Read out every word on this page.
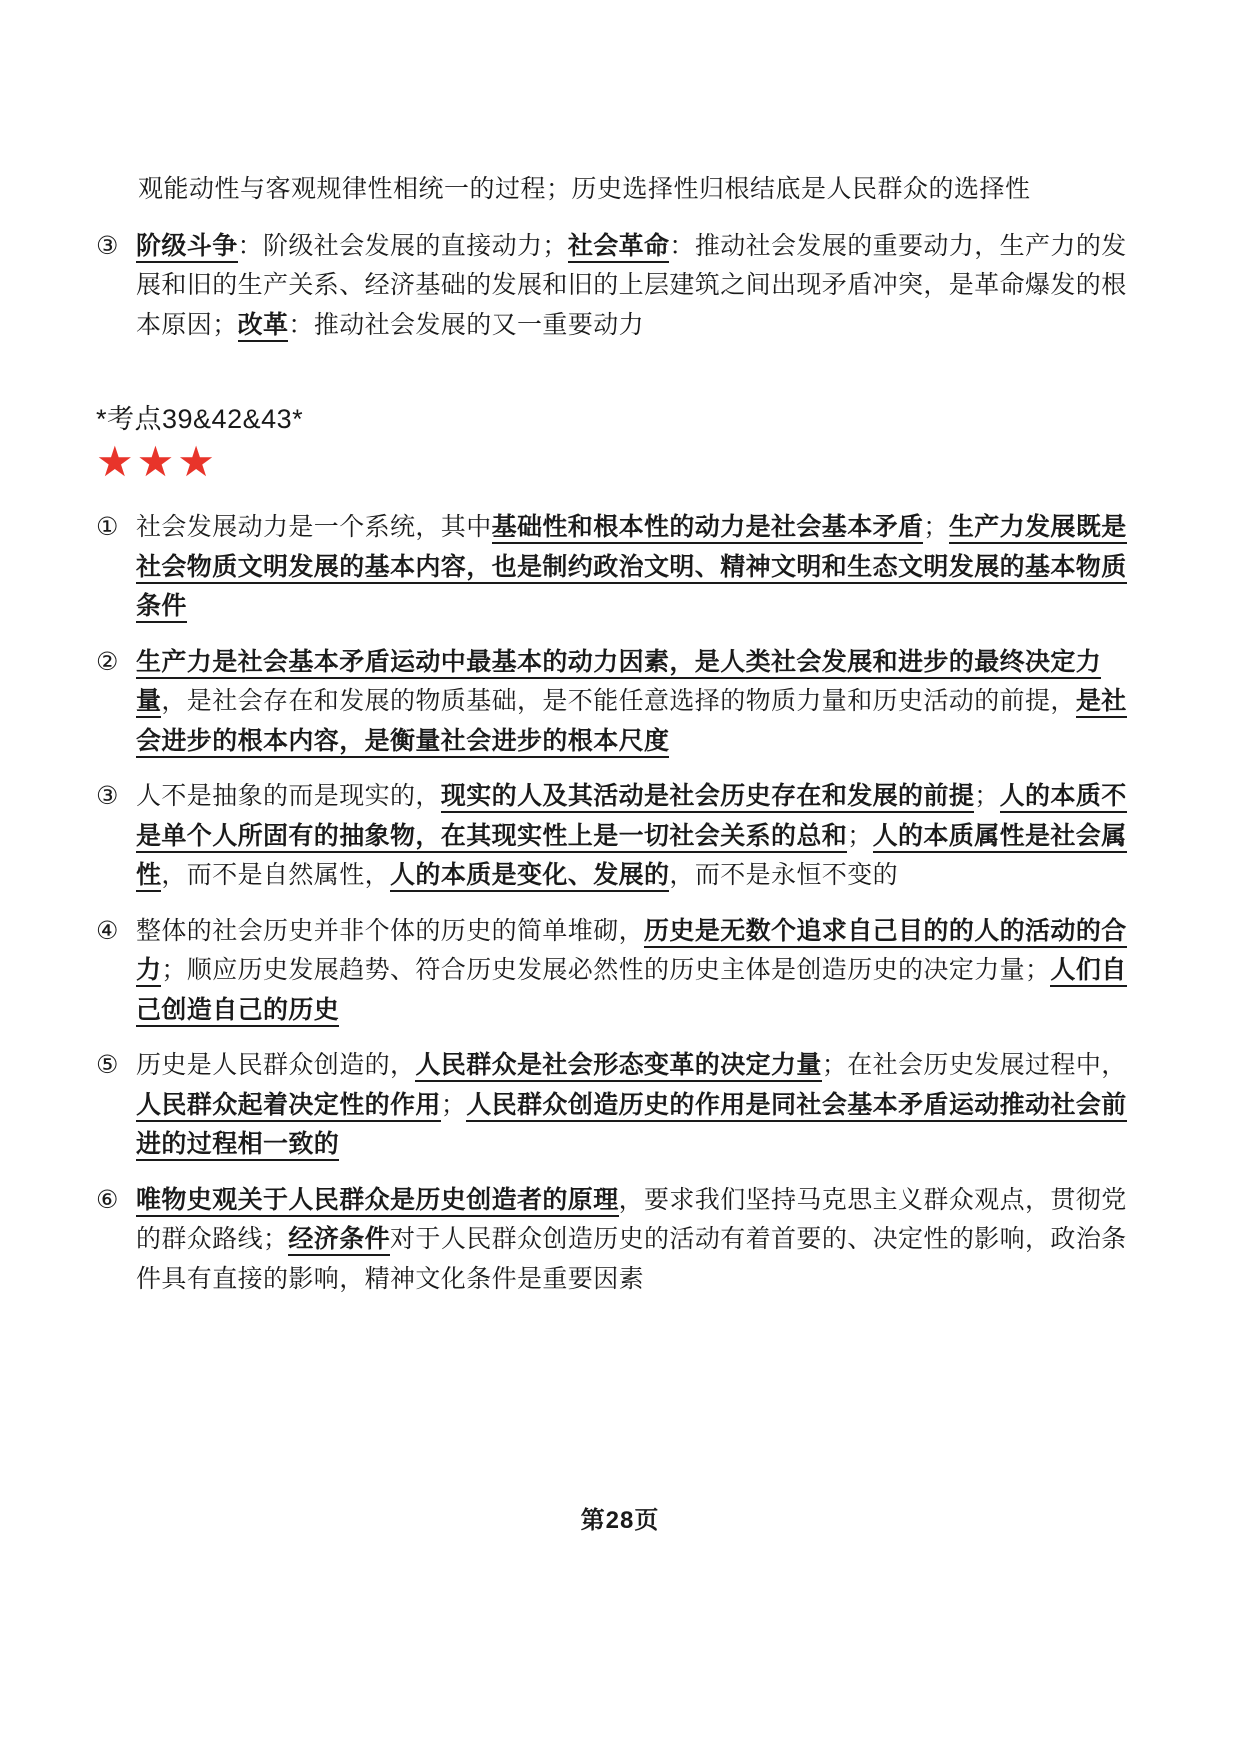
观能动性与客观规律性相统一的过程；历史选择性归根结底是人民群众的选择性

③ 阶级斗争：阶级社会发展的直接动力；社会革命：推动社会发展的重要动力，生产力的发展和旧的生产关系、经济基础的发展和旧的上层建筑之间出现矛盾冲突，是革命爆发的根本原因；改革：推动社会发展的又一重要动力
*考点39&42&43*
★★★
① 社会发展动力是一个系统，其中基础性和根本性的动力是社会基本矛盾；生产力发展既是社会物质文明发展的基本内容，也是制约政治文明、精神文明和生态文明发展的基本物质条件
② 生产力是社会基本矛盾运动中最基本的动力因素，是人类社会发展和进步的最终决定力量，是社会存在和发展的物质基础，是不能任意选择的物质力量和历史活动的前提，是社会进步的根本内容，是衡量社会进步的根本尺度
③ 人不是抽象的而是现实的，现实的人及其活动是社会历史存在和发展的前提；人的本质不是单个人所固有的抽象物，在其现实性上是一切社会关系的总和；人的本质属性是社会属性，而不是自然属性，人的本质是变化、发展的，而不是永恒不变的
④ 整体的社会历史并非个体的历史的简单堆砌，历史是无数个追求自己目的的人的活动的合力；顺应历史发展趋势、符合历史发展必然性的历史主体是创造历史的决定力量；人们自己创造自己的历史
⑤ 历史是人民群众创造的，人民群众是社会形态变革的决定力量；在社会历史发展过程中，人民群众起着决定性的作用；人民群众创造历史的作用是同社会基本矛盾运动推动社会前进的过程相一致的
⑥ 唯物史观关于人民群众是历史创造者的原理，要求我们坚持马克思主义群众观点，贯彻党的群众路线；经济条件对于人民群众创造历史的活动有着首要的、决定性的影响，政治条件具有直接的影响，精神文化条件是重要因素
第28页
